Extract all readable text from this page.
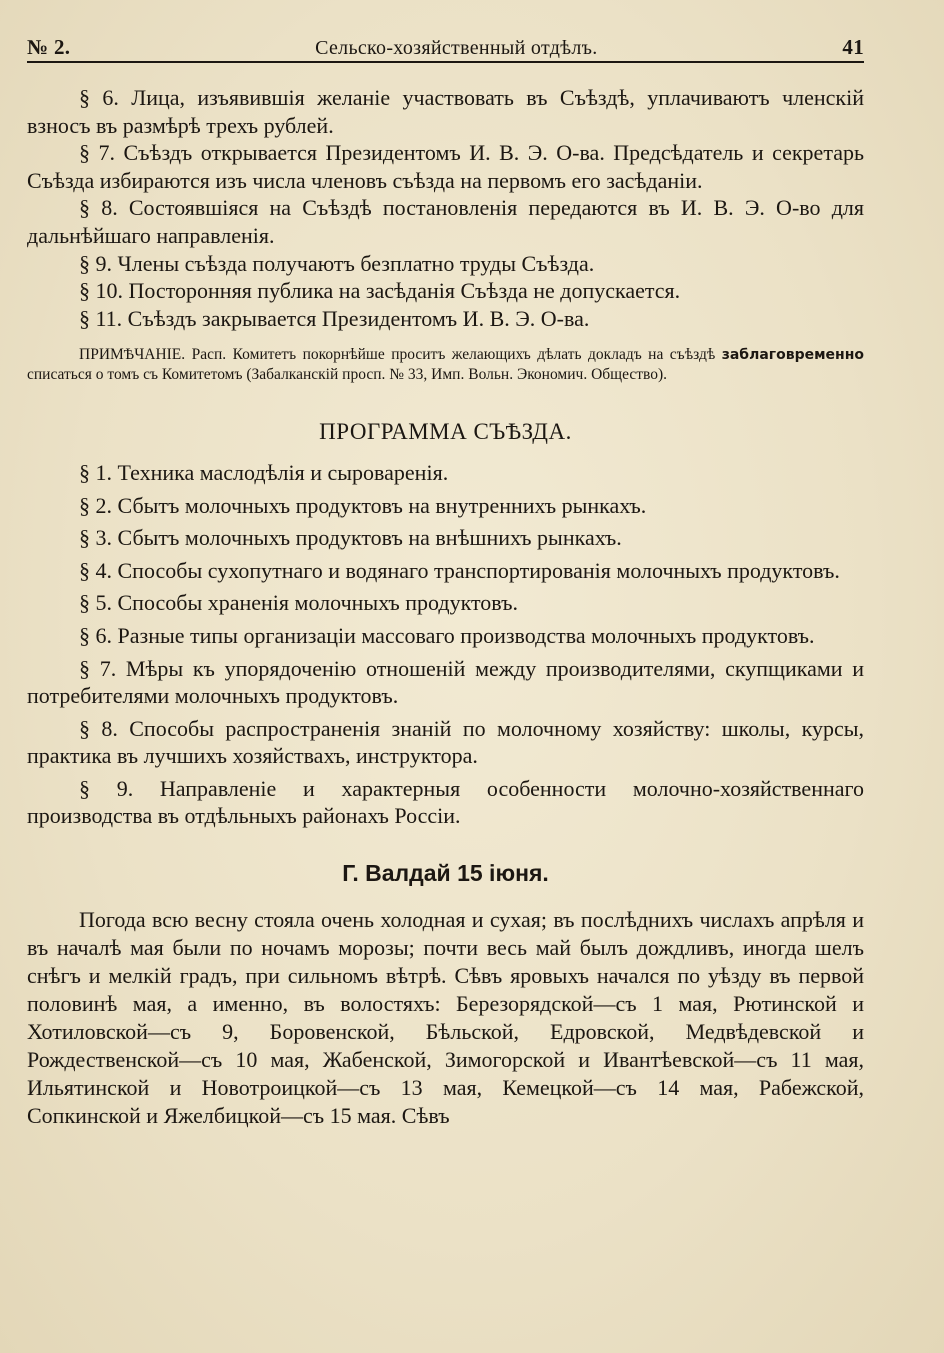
№ 2.	Сельско-хозяйственный отдѣлъ.	41

§ 6. Лица, изъявившія желаніе участвовать въ Съѣздѣ, уплачиваютъ членскій взносъ въ размѣрѣ трехъ рублей.

§ 7. Съѣздъ открывается Президентомъ И. В. Э. О-ва. Предсѣдатель и секретарь Съѣзда избираются изъ числа членовъ съѣзда на первомъ его засѣданіи.

§ 8. Состоявшіяся на Съѣздѣ постановленія передаются въ И. В. Э. О-во для дальнѣйшаго направленія.

§ 9. Члены съѣзда получаютъ безплатно труды Съѣзда.

§ 10. Посторонняя публика на засѣданія Съѣзда не допускается.

§ 11. Съѣздъ закрывается Президентомъ И. В. Э. О-ва.

ПРИМѢЧАНІЕ. Расп. Комитетъ покорнѣйше проситъ желающихъ дѣлать докладъ на съѣздѣ заблаговременно списаться о томъ съ Комитетомъ (Забалканскій просп. № 33, Имп. Вольн. Экономич. Общество).

ПРОГРАММА СЪѢЗДА.

§ 1. Техника маслодѣлія и сыроваренія.

§ 2. Сбытъ молочныхъ продуктовъ на внутреннихъ рынкахъ.

§ 3. Сбытъ молочныхъ продуктовъ на внѣшнихъ рынкахъ.

§ 4. Способы сухопутнаго и водянаго транспортированія молочныхъ продуктовъ.

§ 5. Способы храненія молочныхъ продуктовъ.

§ 6. Разные типы организаціи массоваго производства молочныхъ продуктовъ.

§ 7. Мѣры къ упорядоченію отношеній между производителями, скупщиками и потребителями молочныхъ продуктовъ.

§ 8. Способы распространенія знаній по молочному хозяйству: школы, курсы, практика въ лучшихъ хозяйствахъ, инструктора.

§ 9. Направленіе и характерныя особенности молочно-хозяйственнаго производства въ отдѣльныхъ районахъ Россіи.

Г. Валдай 15 іюня.

Погода всю весну стояла очень холодная и сухая; въ послѣднихъ числахъ апрѣля и въ началѣ мая были по ночамъ морозы; почти весь май былъ дождливъ, иногда шелъ снѣгъ и мелкій градъ, при сильномъ вѣтрѣ. Сѣвъ яровыхъ начался по уѣзду въ первой половинѣ мая, а именно, въ волостяхъ: Березорядской—съ 1 мая, Рютинской и Хотиловской—съ 9, Боровенской, Бѣльской, Едровской, Медвѣдевской и Рождественской—съ 10 мая, Жабенской, Зимогорской и Ивантѣевской—съ 11 мая, Ильятинской и Новотроицкой—съ 13 мая, Кемецкой—съ 14 мая, Рабежской, Сопкинской и Яжелбицкой—съ 15 мая. Сѣвъ
